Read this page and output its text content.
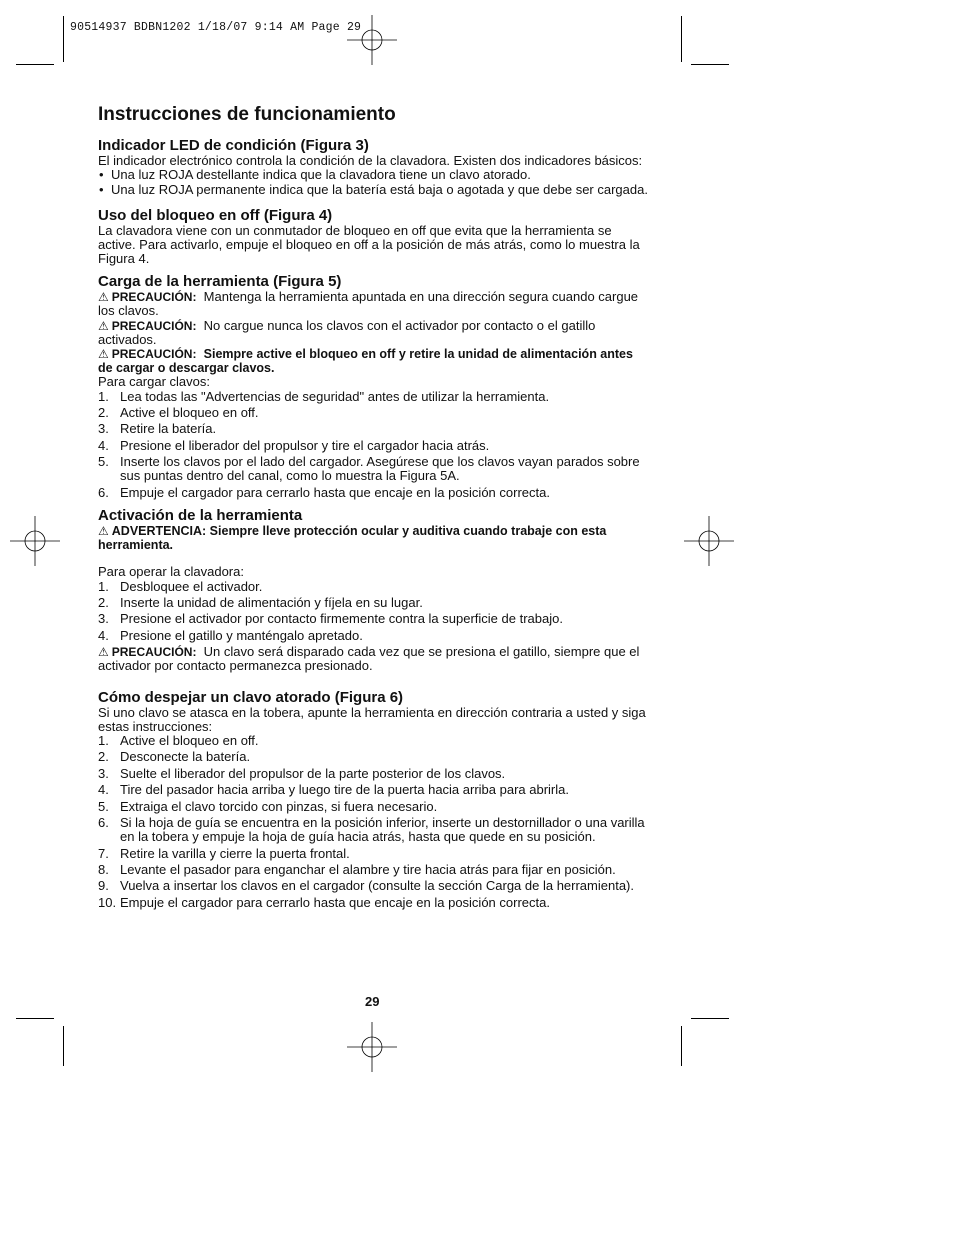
90514937 BDBN1202 1/18/07 9:14 AM Page 29
Instrucciones de funcionamiento
Indicador LED de condición (Figura 3)

El indicador electrónico controla la condición de la clavadora. Existen dos indicadores básicos:

• Una luz ROJA destellante indica que la clavadora tiene un clavo atorado.
• Una luz ROJA permanente indica que la batería está baja o agotada y que debe ser cargada.
Uso del bloqueo en off (Figura 4)

La clavadora viene con un conmutador de bloqueo en off que evita que la herramienta se active. Para activarlo, empuje el bloqueo en off a la posición de más atrás, como lo muestra la Figura 4.

Carga de la herramienta (Figura 5)

⚠ PRECAUCIÓN: Mantenga la herramienta apuntada en una dirección segura cuando cargue los clavos.

⚠ PRECAUCIÓN: No cargue nunca los clavos con el activador por contacto o el gatillo activados.

⚠ PRECAUCIÓN: Siempre active el bloqueo en off y retire la unidad de alimentación antes de cargar o descargar clavos.

Para cargar clavos:

1. Lea todas las "Advertencias de seguridad" antes de utilizar la herramienta.
2. Active el bloqueo en off.
3. Retire la batería.
4. Presione el liberador del propulsor y tire el cargador hacia atrás.
5. Inserte los clavos por el lado del cargador. Asegúrese que los clavos vayan parados sobre sus puntas dentro del canal, como lo muestra la Figura 5A.
6. Empuje el cargador para cerrarlo hasta que encaje en la posición correcta.
Activación de la herramienta

⚠ ADVERTENCIA: Siempre lleve protección ocular y auditiva cuando trabaje con esta herramienta.

Para operar la clavadora:

1. Desbloquee el activador.
2. Inserte la unidad de alimentación y fíjela en su lugar.
3. Presione el activador por contacto firmemente contra la superficie de trabajo.
4. Presione el gatillo y manténgalo apretado.

⚠ PRECAUCIÓN: Un clavo será disparado cada vez que se presiona el gatillo, siempre que el activador por contacto permanezca presionado.

Cómo despejar un clavo atorado (Figura 6)

Si uno clavo se atasca en la tobera, apunte la herramienta en dirección contraria a usted y siga estas instrucciones:

1. Active el bloqueo en off.
2. Desconecte la batería.
3. Suelte el liberador del propulsor de la parte posterior de los clavos.
4. Tire del pasador hacia arriba y luego tire de la puerta hacia arriba para abrirla.
5. Extraiga el clavo torcido con pinzas, si fuera necesario.
6. Si la hoja de guía se encuentra en la posición inferior, inserte un destornillador o una varilla en la tobera y empuje la hoja de guía hacia atrás, hasta que quede en su posición.
7. Retire la varilla y cierre la puerta frontal.
8. Levante el pasador para enganchar el alambre y tire hacia atrás para fijar en posición.
9. Vuelva a insertar los clavos en el cargador (consulte la sección Carga de la herramienta).
10. Empuje el cargador para cerrarlo hasta que encaje en la posición correcta.
29
